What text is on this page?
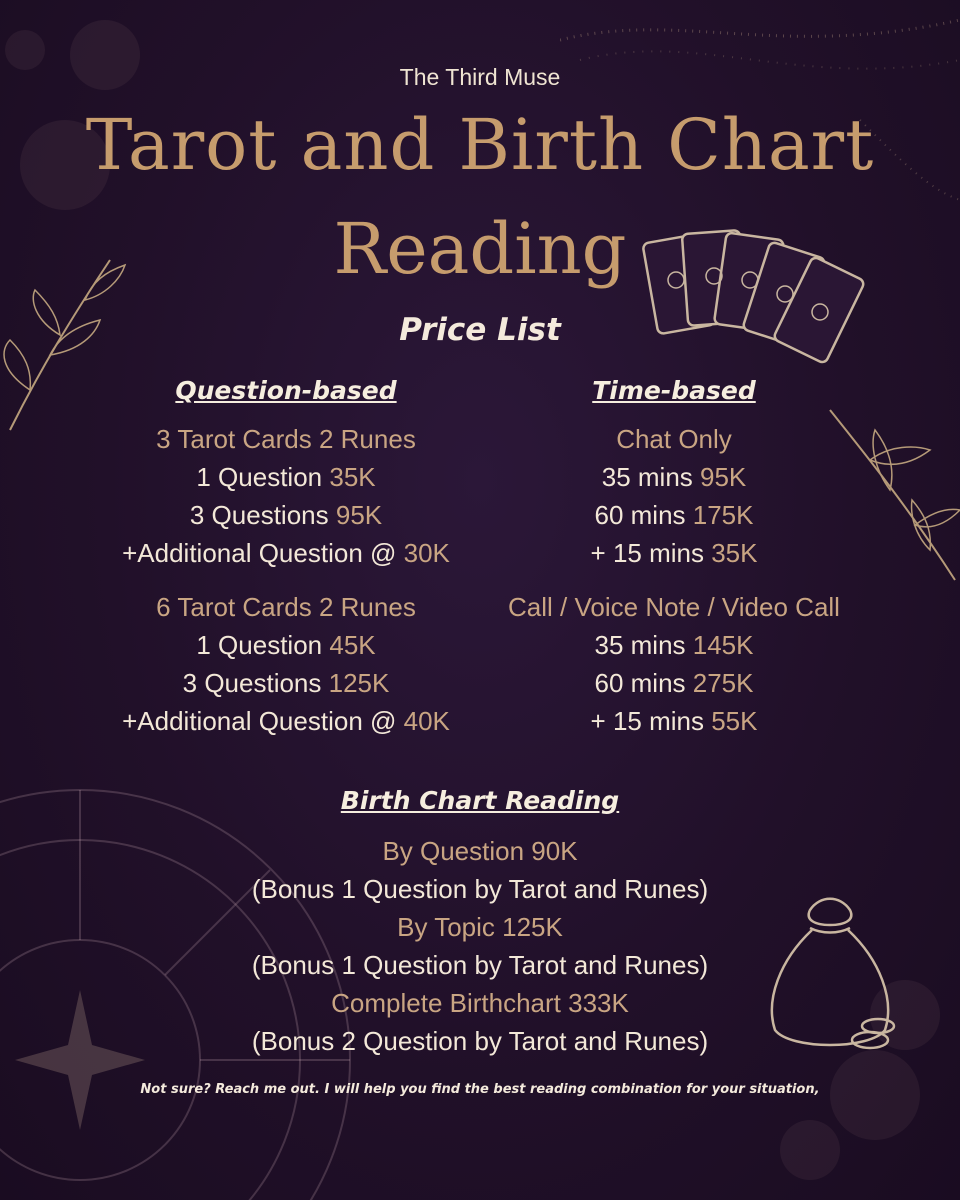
The Third Muse
Tarot and Birth Chart
Reading
Price List
Question-based
3 Tarot Cards 2 Runes
1 Question 35K
3 Questions 95K
+Additional Question @ 30K
6 Tarot Cards 2 Runes
1 Question 45K
3 Questions 125K
+Additional Question @ 40K
Time-based
Chat Only
35 mins 95K
60 mins 175K
+ 15 mins 35K
Call / Voice Note / Video Call
35 mins 145K
60 mins 275K
+ 15 mins 55K
Birth Chart Reading
By Question 90K
(Bonus 1 Question by Tarot and Runes)
By Topic 125K
(Bonus 1 Question by Tarot and Runes)
Complete Birthchart 333K
(Bonus 2 Question by Tarot and Runes)
Not sure? Reach me out. I will help you find the best reading combination for your situation,
